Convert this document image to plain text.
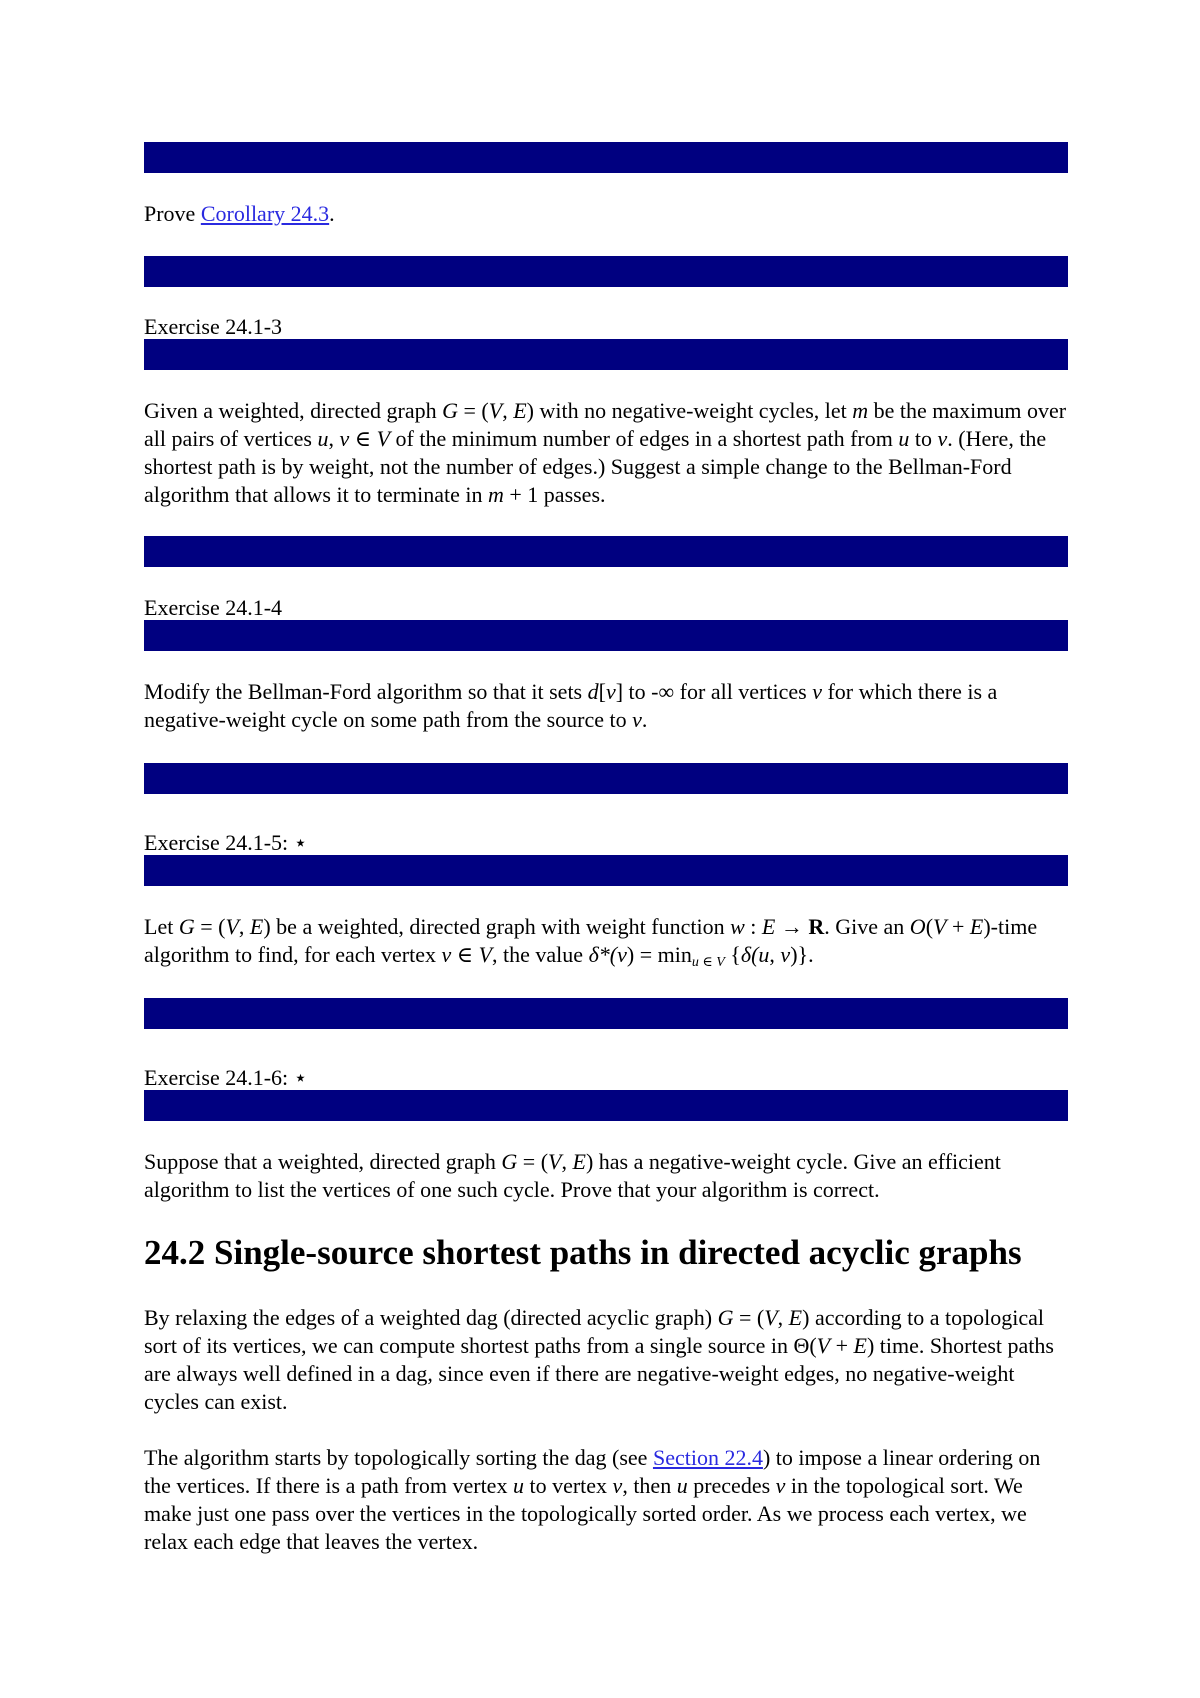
Prove Corollary 24.3.

Exercise 24.1-3

Given a weighted, directed graph G = (V, E) with no negative-weight cycles, let m be the maximum over all pairs of vertices u, v ∈ V of the minimum number of edges in a shortest path from u to v. (Here, the shortest path is by weight, not the number of edges.) Suggest a simple change to the Bellman-Ford algorithm that allows it to terminate in m + 1 passes.

Exercise 24.1-4

Modify the Bellman-Ford algorithm so that it sets d[v] to -∞ for all vertices v for which there is a negative-weight cycle on some path from the source to v.

Exercise 24.1-5: ⋆

Let G = (V, E) be a weighted, directed graph with weight function w : E → R. Give an O(V + E)-time algorithm to find, for each vertex v ∈ V, the value $\delta*(v) = \min_{u \in V} \{\delta(u$, v)}.

Exercise 24.1-6: ⋆

Suppose that a weighted, directed graph G = (V, E) has a negative-weight cycle. Give an efficient algorithm to list the vertices of one such cycle. Prove that your algorithm is correct.

24.2 Single-source shortest paths in directed acyclic graphs

By relaxing the edges of a weighted dag (directed acyclic graph) G = (V, E) according to a topological sort of its vertices, we can compute shortest paths from a single source in Θ(V + E) time. Shortest paths are always well defined in a dag, since even if there are negative-weight edges, no negative-weight cycles can exist.

The algorithm starts by topologically sorting the dag (see Section 22.4) to impose a linear ordering on the vertices. If there is a path from vertex u to vertex v, then u precedes v in the topological sort. We make just one pass over the vertices in the topologically sorted order. As we process each vertex, we relax each edge that leaves the vertex.
